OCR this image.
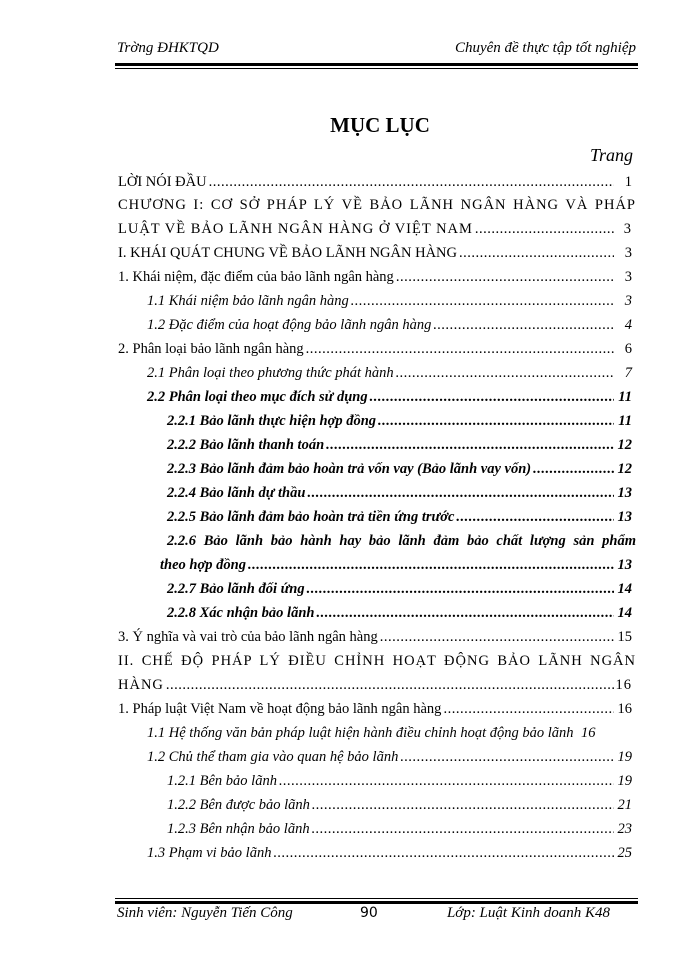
Trờng ĐHKTQD	Chuyên đề thực tập tốt nghiệp
MỤC LỤC
Trang
LỜI NÓI ĐẦU .....	1
CHƯƠNG I: CƠ SỞ PHÁP LÝ VỀ BẢO LÃNH NGÂN HÀNG VÀ PHÁP
LUẬT VỀ BẢO LÃNH NGÂN HÀNG Ở VIỆT NAM .....	3
I. KHÁI QUÁT CHUNG VỀ BẢO LÃNH NGÂN HÀNG .....	3
1. Khái niệm, đặc điểm của bảo lãnh ngân hàng .....	3
1.1 Khái niệm bảo lãnh ngân hàng .....	3
1.2 Đặc điểm của hoạt động bảo lãnh ngân hàng .....	4
2. Phân loại bảo lãnh ngân hàng .....	6
2.1 Phân loại theo phương thức phát hành .....	7
2.2 Phân loại theo mục đích sử dụng .....	11
2.2.1 Bảo lãnh thực hiện hợp đồng .....	11
2.2.2 Bảo lãnh thanh toán .....	12
2.2.3 Bảo lãnh đảm bảo hoàn trả vốn vay (Bảo lãnh vay vốn) .....	12
2.2.4 Bảo lãnh dự thầu .....	13
2.2.5 Bảo lãnh đảm bảo hoàn trả tiền ứng trước .....	13
2.2.6 Bảo lãnh bảo hành hay bảo lãnh đảm bảo chất lượng sản phẩm
theo hợp đồng .....	13
2.2.7 Bảo lãnh đối ứng .....	14
2.2.8 Xác nhận bảo lãnh .....	14
3. Ý nghĩa và vai trò của bảo lãnh ngân hàng .....	15
II. CHẾ ĐỘ PHÁP LÝ ĐIỀU CHỈNH HOẠT ĐỘNG BẢO LÃNH NGÂN
HÀNG .....	16
1. Pháp luật Việt Nam về hoạt động bảo lãnh ngân hàng .....	16
1.1 Hệ thống văn bản pháp luật hiện hành điều chỉnh hoạt động bảo lãnh 16
1.2 Chủ thể tham gia vào quan hệ bảo lãnh .....	19
1.2.1 Bên bảo lãnh .....	19
1.2.2 Bên được bảo lãnh .....	21
1.2.3 Bên nhận bảo lãnh .....	23
1.3 Phạm vi bảo lãnh .....	25
Sinh viên: Nguyễn Tiến Công	90	Lớp: Luật Kinh doanh K48
